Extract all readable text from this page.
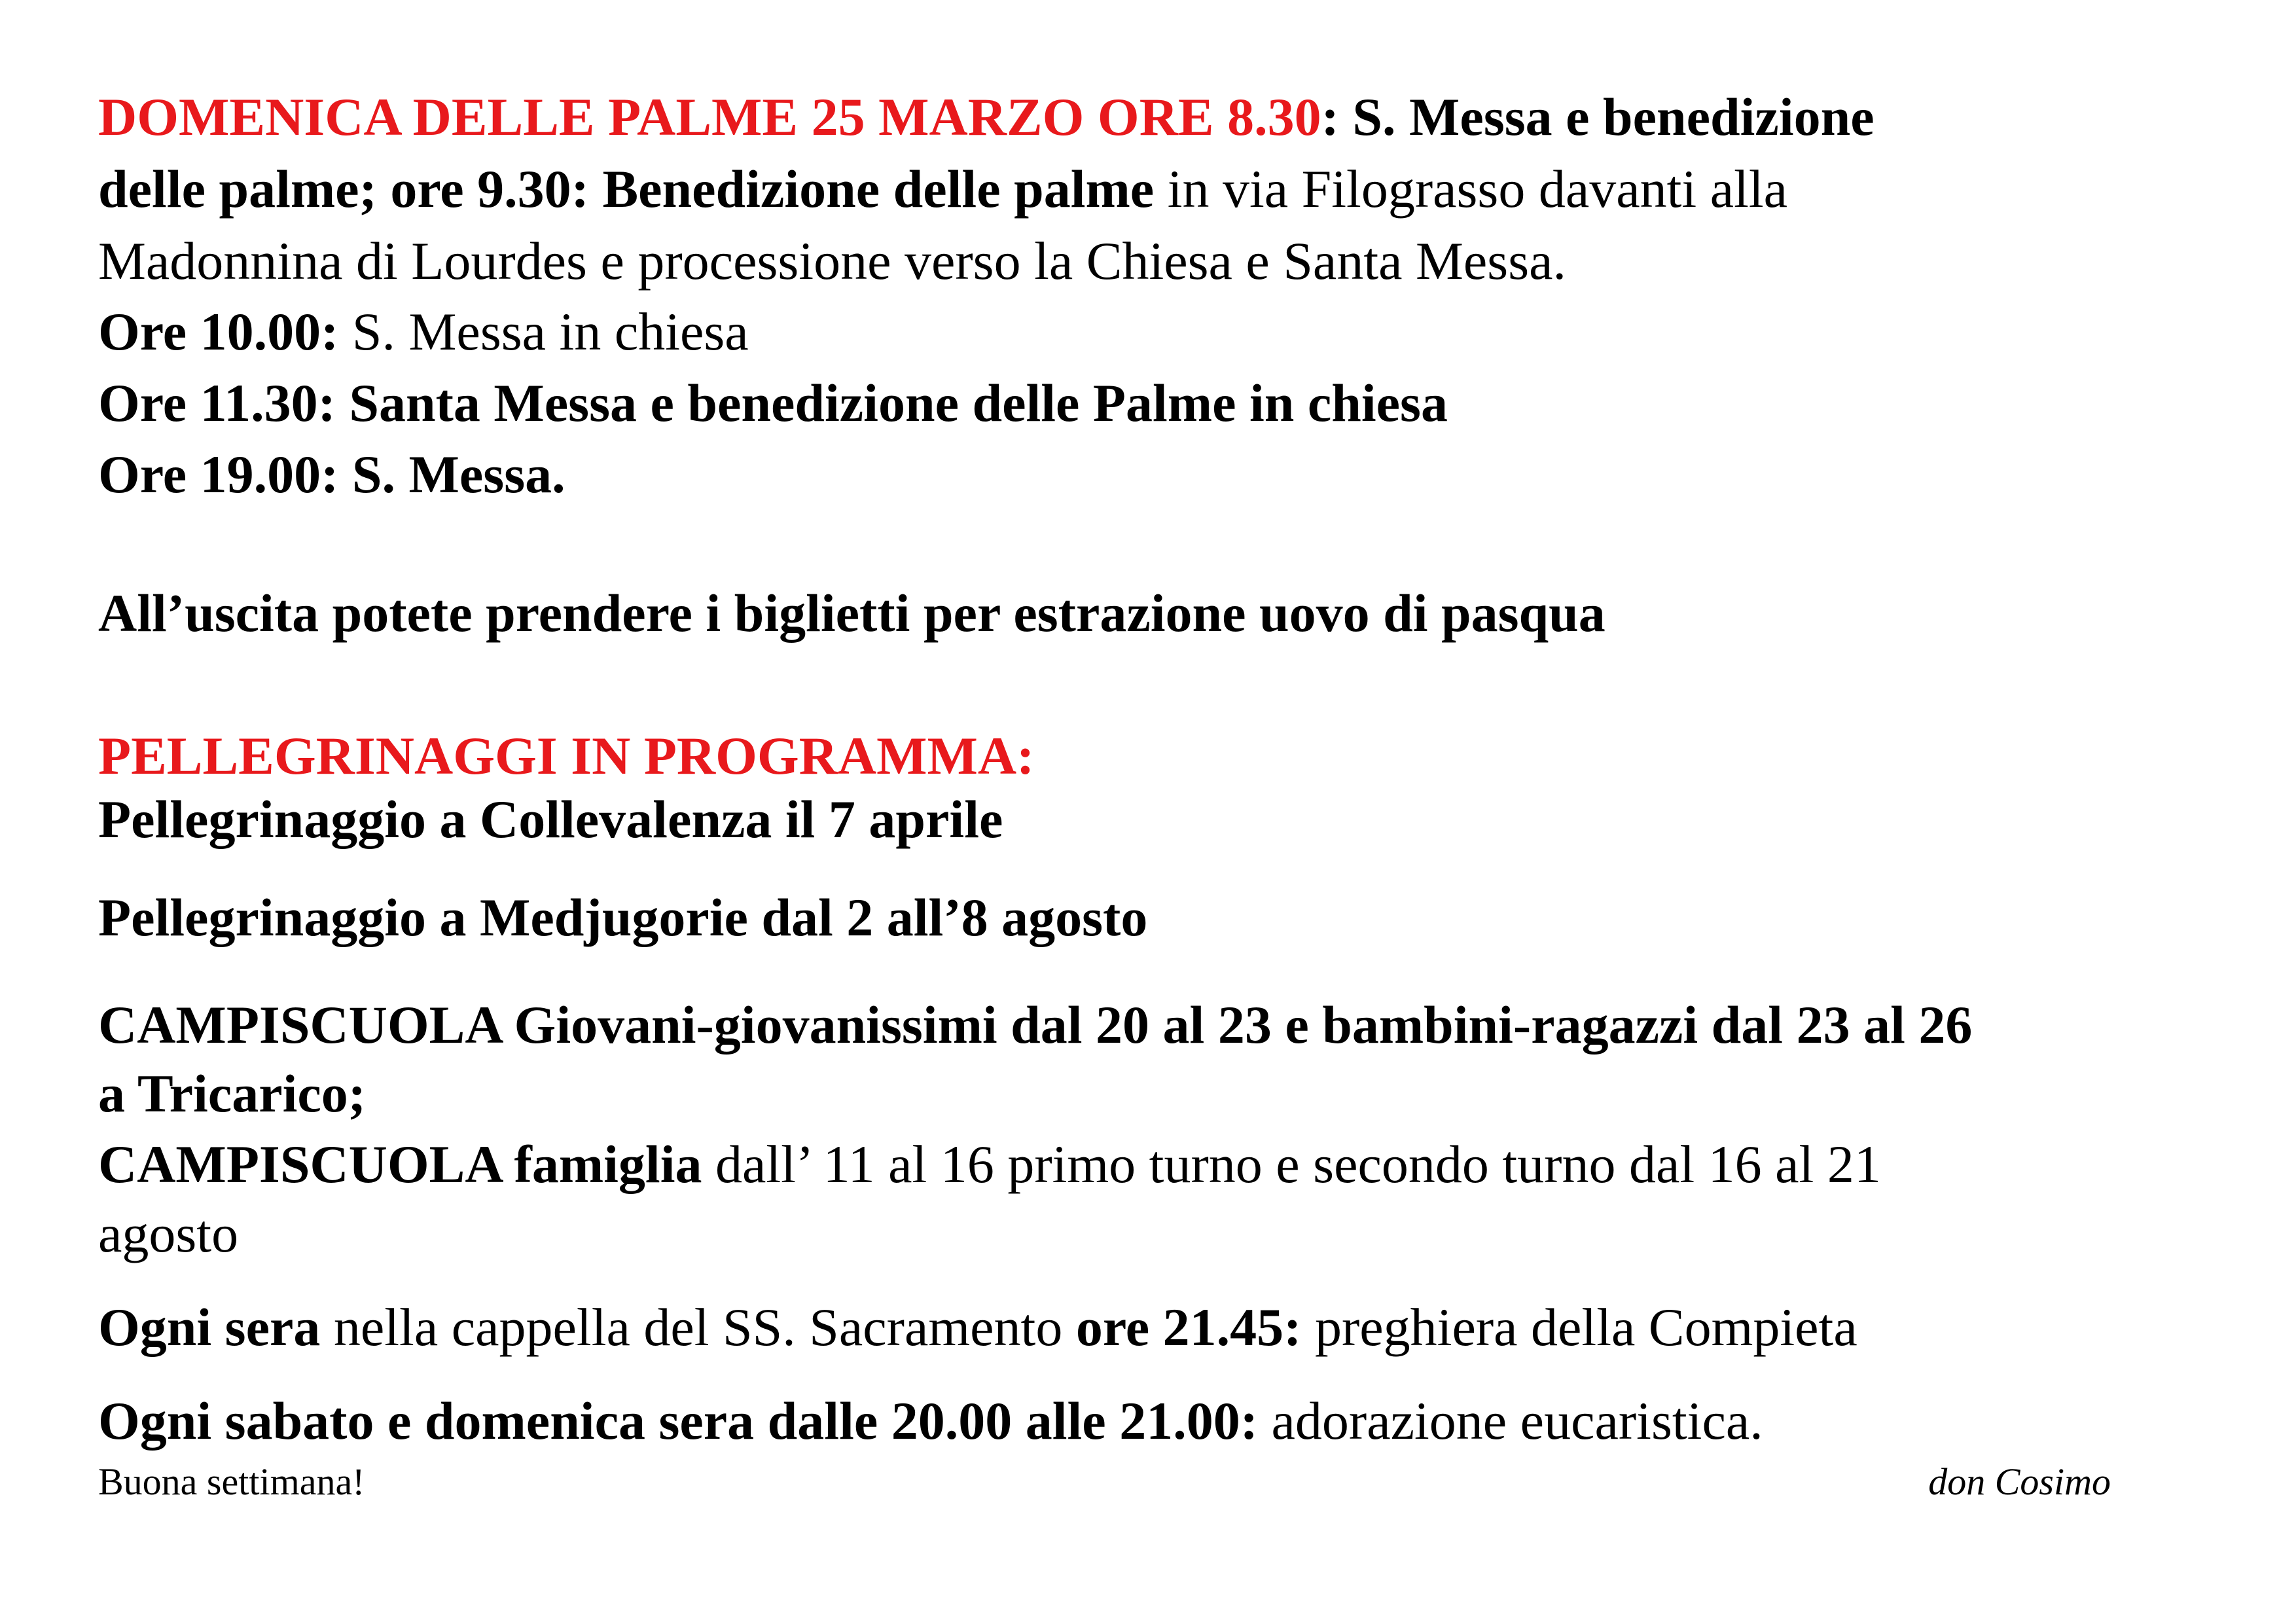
DOMENICA DELLE PALME 25 MARZO ORE 8.30: S. Messa e benedizione
delle palme; ore 9.30: Benedizione delle palme in via Filograsso davanti alla
Madonnina di Lourdes e processione verso la Chiesa e Santa Messa.
Ore 10.00: S. Messa in chiesa
Ore 11.30: Santa Messa e benedizione delle Palme in chiesa
Ore 19.00: S. Messa.
All’uscita potete prendere i biglietti per estrazione uovo di pasqua
PELLEGRINAGGI IN PROGRAMMA:
Pellegrinaggio a Collevalenza il 7 aprile
Pellegrinaggio a Medjugorie dal 2 all’8 agosto
CAMPISCUOLA Giovani-giovanissimi dal 20 al 23 e bambini-ragazzi dal 23 al 26
a Tricarico;
CAMPISCUOLA famiglia dall’ 11 al 16 primo turno e secondo turno dal 16 al 21
agosto
Ogni sera nella cappella del SS. Sacramento ore 21.45: preghiera della Compieta
Ogni sabato e domenica sera dalle 20.00 alle 21.00: adorazione eucaristica.
Buona settimana!	don Cosimo
